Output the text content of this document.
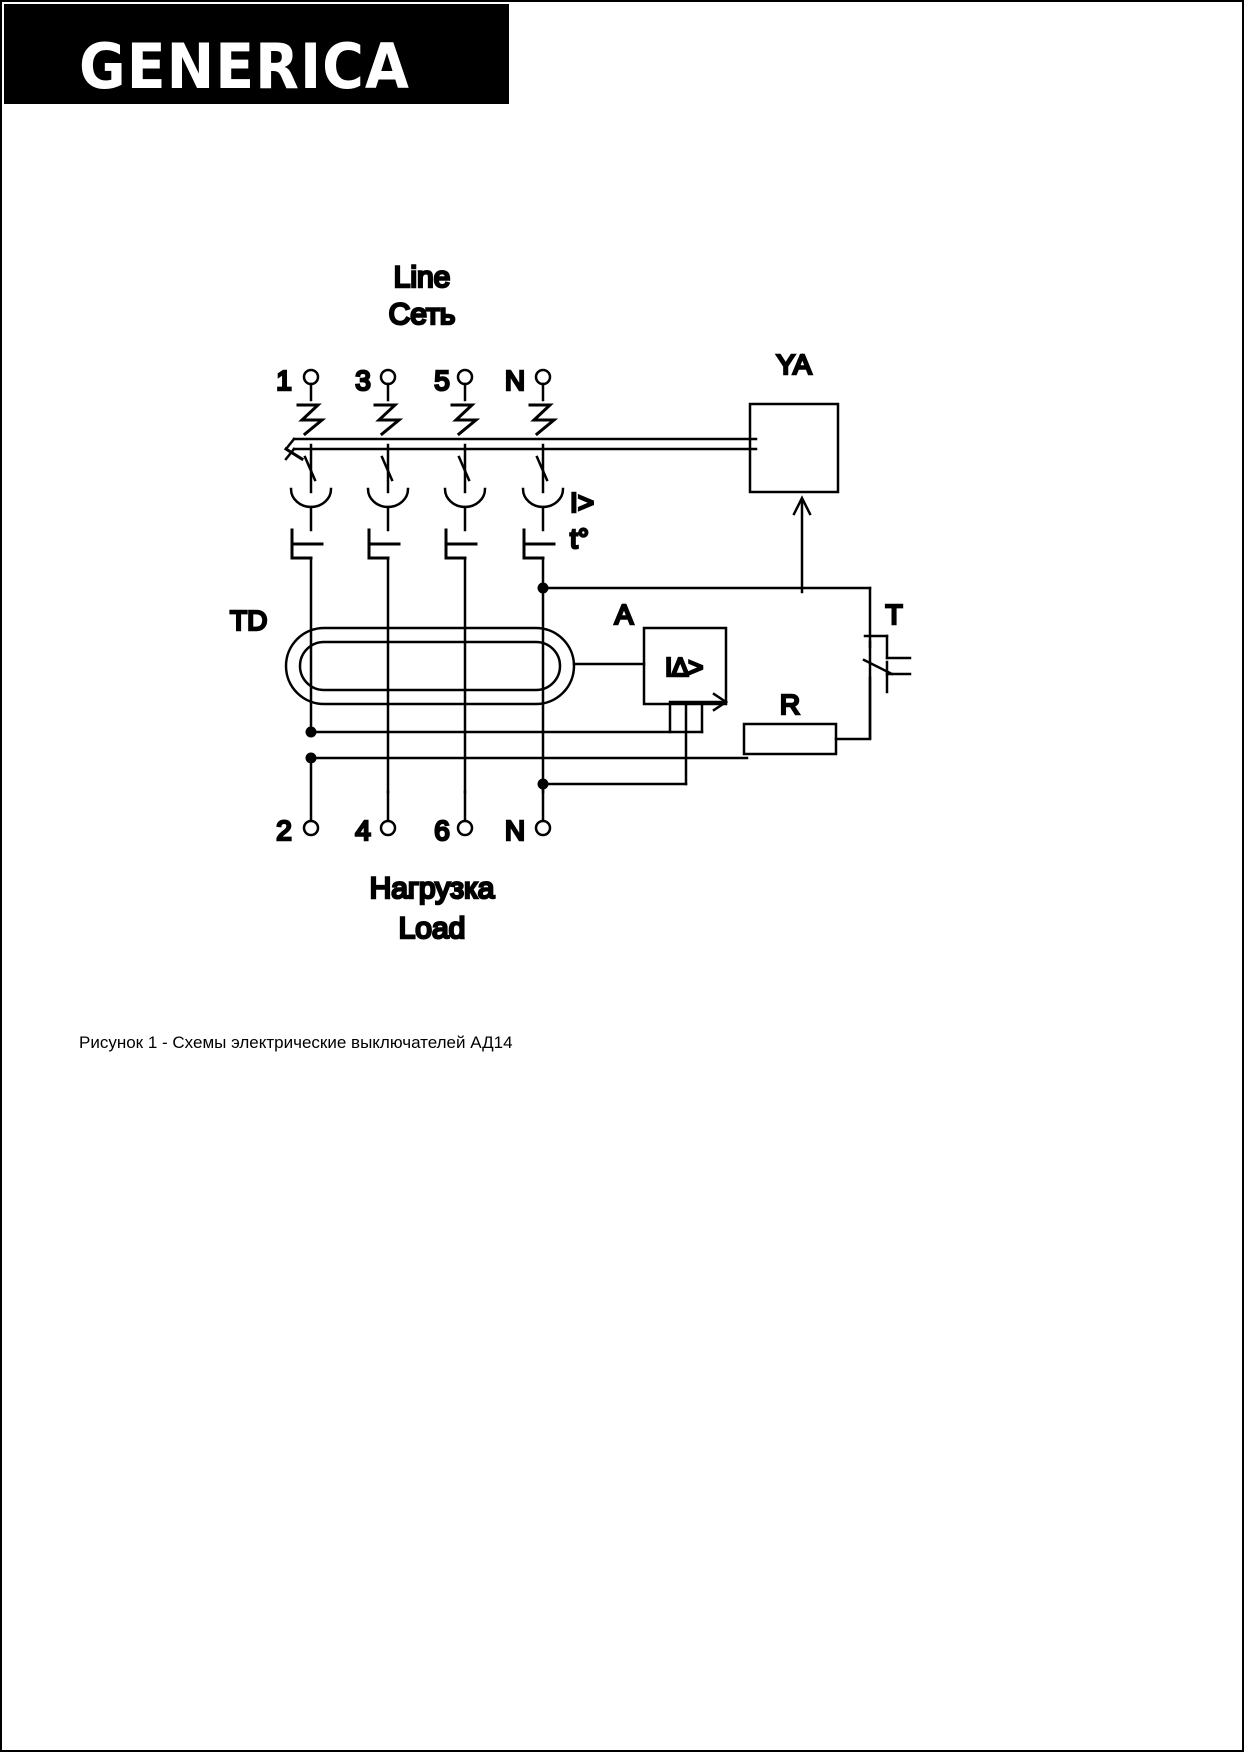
GENERICA
Line
Сеть
1 3 5 N
I>
t°
TD	A
I∆>
YA
T
R
2 4 6 N
Нагрузка
Load
Рисунок 1 - Схемы электрические выключателей АД14
